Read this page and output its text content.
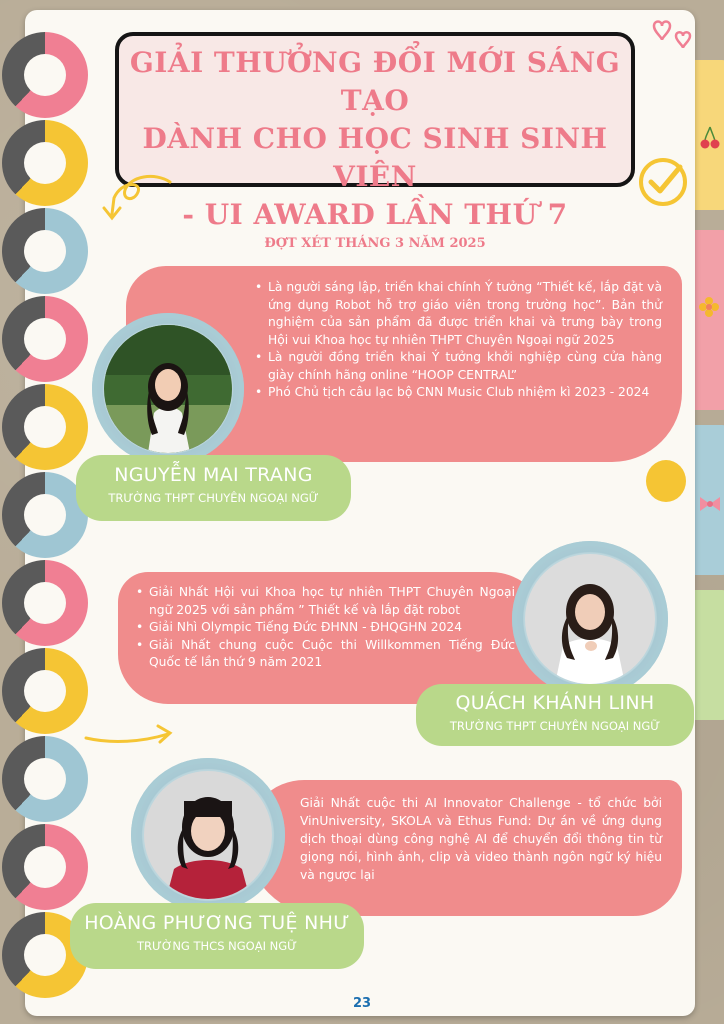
GIẢI THƯỞNG ĐỔI MỚI SÁNG TẠO
DÀNH CHO HỌC SINH SINH VIÊN
- UI AWARD LẦN THỨ 7
ĐỢT XÉT THÁNG 3 NĂM 2025
• Là người sáng lập, triển khai chính Ý tưởng “Thiết kế, lắp đặt và ứng dụng Robot hỗ trợ giáo viên trong trường học”. Bản thử nghiệm của sản phẩm đã được triển khai và trưng bày trong Hội vui Khoa học tự nhiên THPT Chuyên Ngoại ngữ 2025
• Là người đồng triển khai Ý tưởng khởi nghiệp cùng cửa hàng giày chính hãng online “HOOP CENTRAL”
• Phó Chủ tịch câu lạc bộ CNN Music Club nhiệm kì 2023 - 2024
NGUYỄN MAI TRANG
TRƯỜNG THPT CHUYÊN NGOẠI NGỮ
• Giải Nhất Hội vui Khoa học tự nhiên THPT Chuyên Ngoại ngữ 2025 với sản phẩm ” Thiết kế và lắp đặt robot
• Giải Nhì Olympic Tiếng Đức ĐHNN - ĐHQGHN 2024
• Giải Nhất chung cuộc Cuộc thi Willkommen Tiếng Đức Quốc tế lần thứ 9 năm 2021
QUÁCH KHÁNH LINH
TRƯỜNG THPT CHUYÊN NGOẠI NGỮ
Giải Nhất cuộc thi AI Innovator Challenge - tổ chức bởi VinUniversity, SKOLA và Ethus Fund: Dự án về ứng dụng dịch thoại dùng công nghệ AI để chuyển đổi thông tin từ giọng nói, hình ảnh, clip và video thành ngôn ngữ ký hiệu và ngược lại
HOÀNG PHƯƠNG TUỆ NHƯ
TRƯỜNG THCS NGOẠI NGỮ
23
